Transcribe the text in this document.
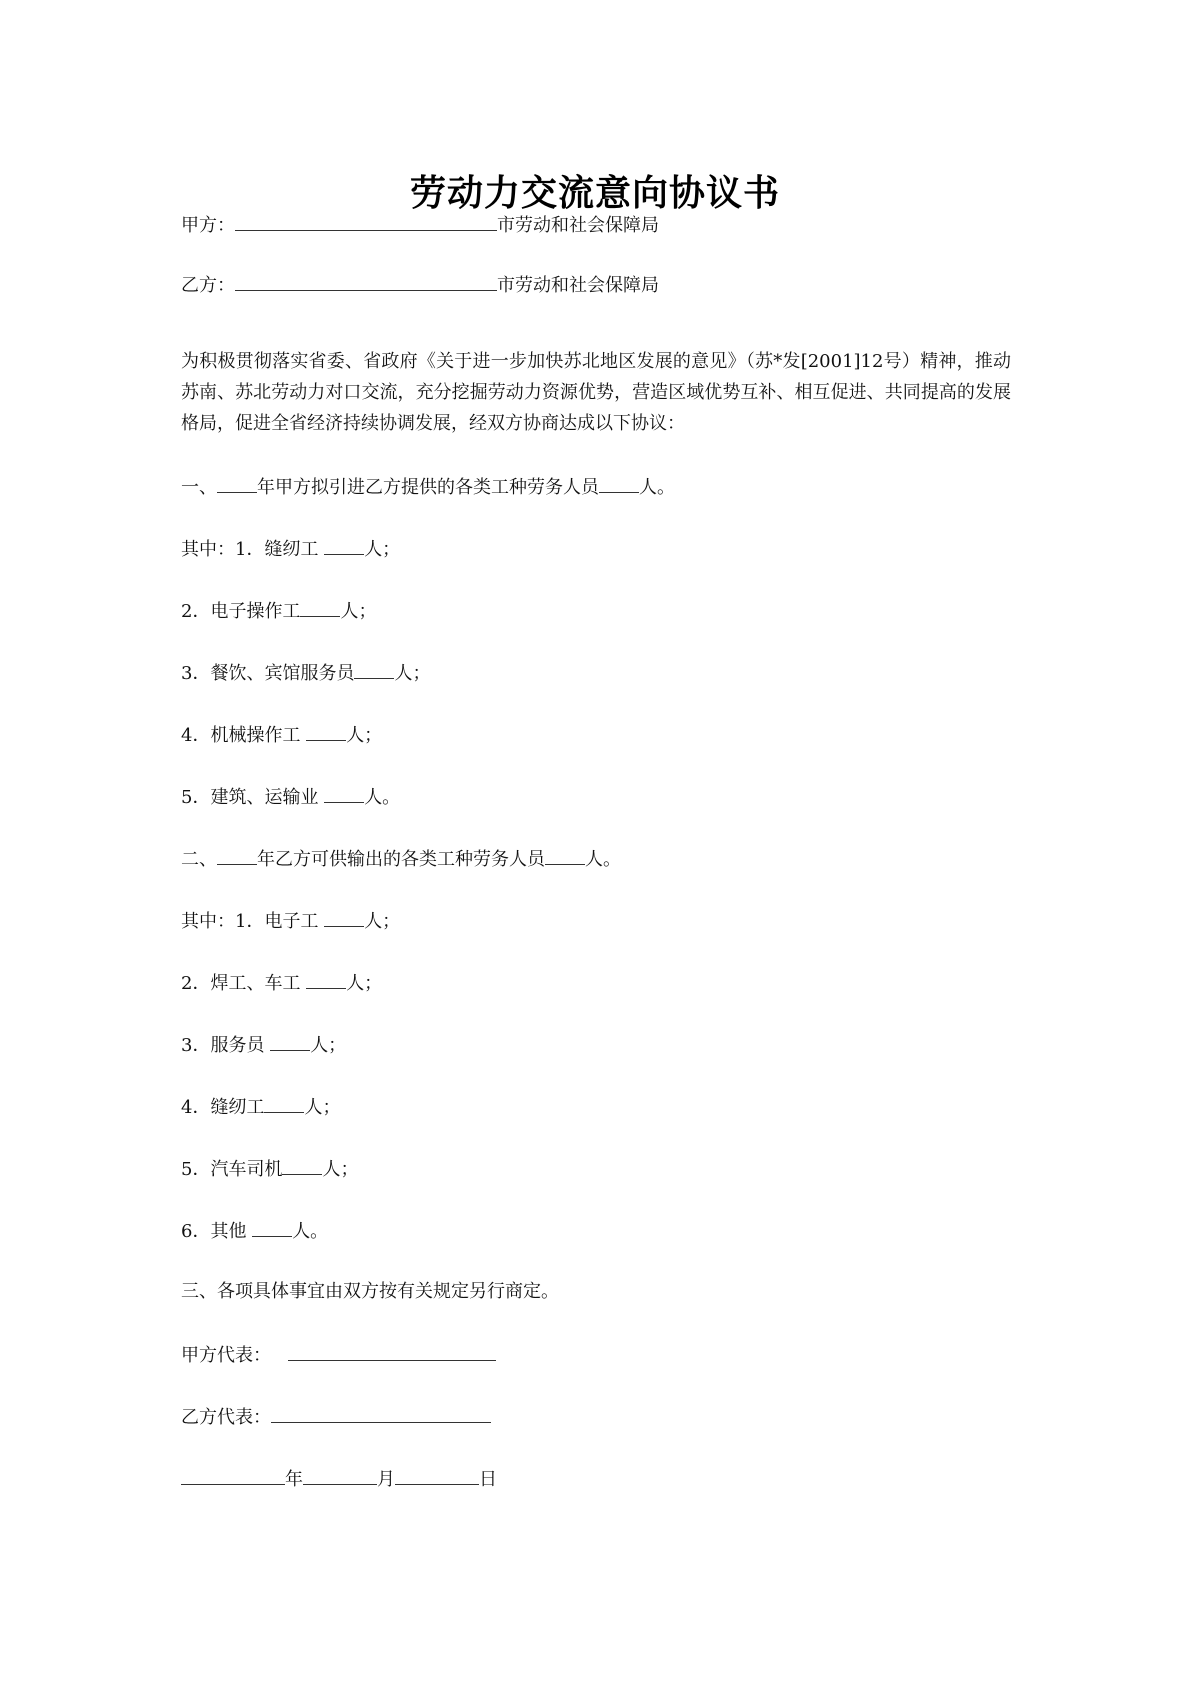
劳动力交流意向协议书
甲方：	市劳动和社会保障局
乙方：	市劳动和社会保障局
为积极贯彻落实省委、省政府《关于进一步加快苏北地区发展的意见》（苏*发[2001]12号）精神，推动苏南、苏北劳动力对口交流，充分挖掘劳动力资源优势，营造区域优势互补、相互促进、共同提高的发展格局，促进全省经济持续协调发展，经双方协商达成以下协议：
一、 年甲方拟引进乙方提供的各类工种劳务人员 人。
其中：1．缝纫工 人；
2．电子操作工 人；
3．餐饮、宾馆服务员 人；
4．机械操作工 人；
5．建筑、运输业 人。
二、 年乙方可供输出的各类工种劳务人员 人。
其中：1．电子工 人；
2．焊工、车工 人；
3．服务员 人；
4．缝纫工 人；
5．汽车司机 人；
6．其他 人。
三、各项具体事宜由双方按有关规定另行商定。
甲方代表：
乙方代表：
年	月	日
